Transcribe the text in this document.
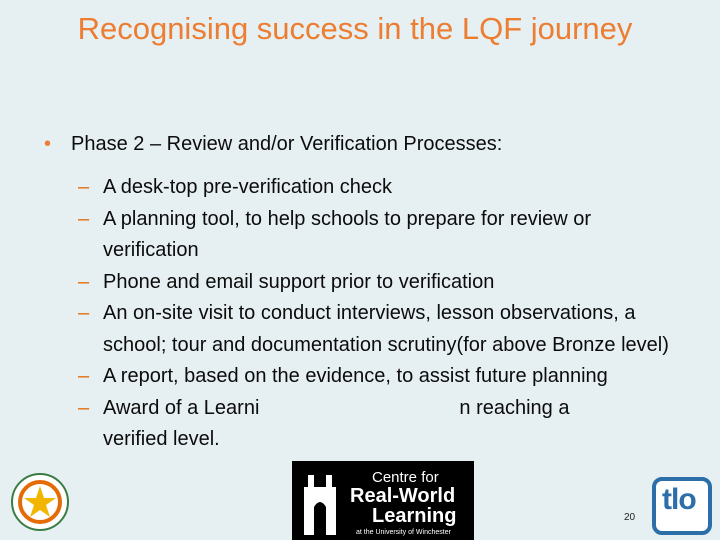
Recognising success in the LQF journey
• Phase 2 – Review and/or Verification Processes:
– A desk-top pre-verification check
– A planning tool, to help schools to prepare for review or verification
– Phone and email support prior to verification
– An on-site visit to conduct interviews, lesson observations, a school; tour and documentation scrutiny(for above Bronze level)
– A report, based on the evidence, to assist future planning
– Award of a Learni	n reaching a
verified level.
20
Centre for
Real-World
Learning
at the University of Winchester
tlo
